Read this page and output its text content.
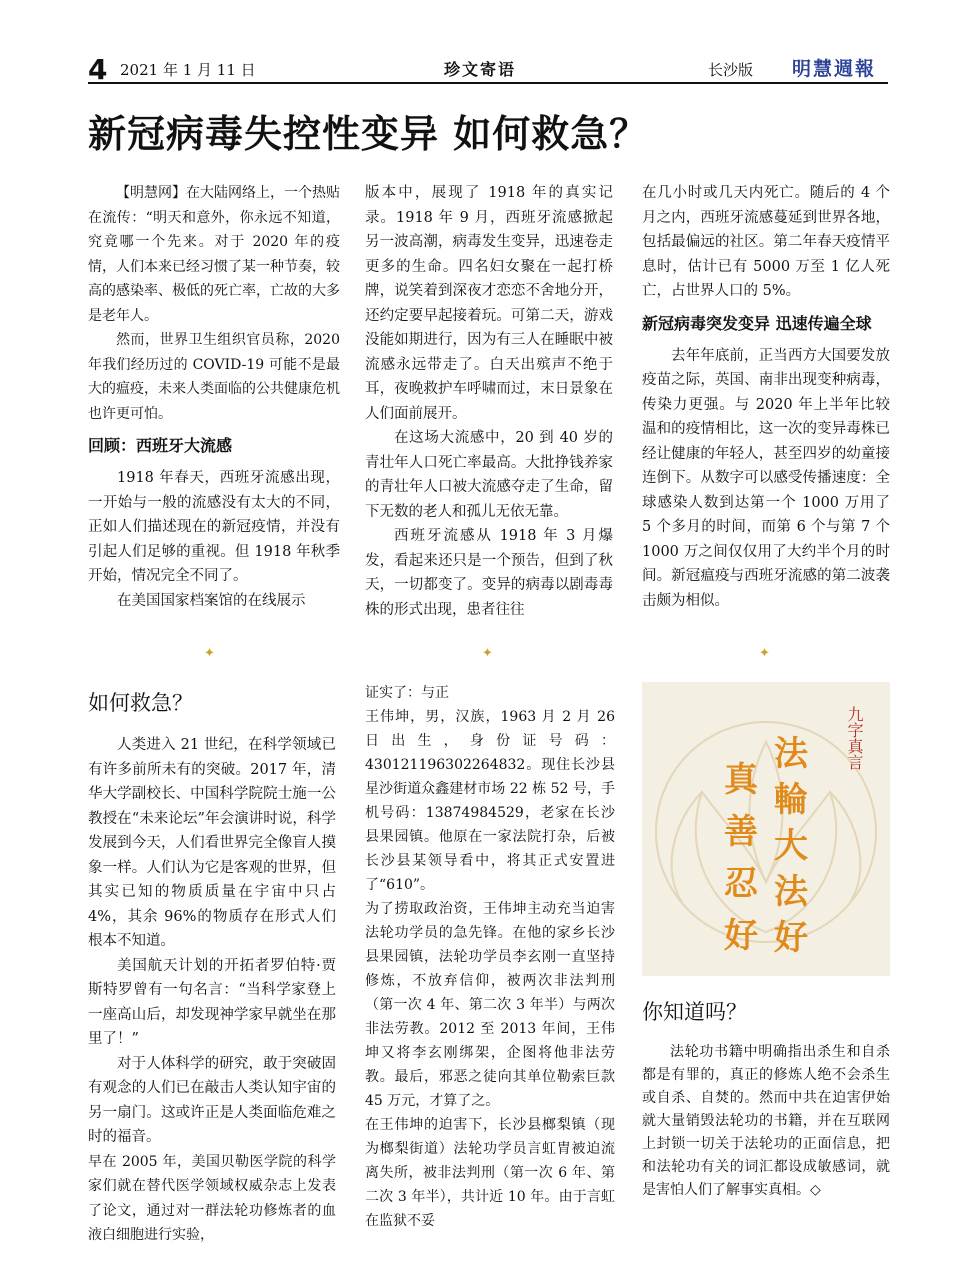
4 2021 年 1 月 11 日	珍文寄语	长沙版 明慧週報
新冠病毒失控性变异 如何救急？

【明慧网】在大陆网络上，一个热贴在流传：“明天和意外，你永远不知道，究竟哪一个先来。对于 2020 年的疫情，人们本来已经习惯了某一种节奏，较高的感染率、极低的死亡率，亡故的大多是老年人。

然而，世界卫生组织官员称，2020 年我们经历过的 COVID-19 可能不是最大的瘟疫，未来人类面临的公共健康危机也许更可怕。

回顾：西班牙大流感

1918 年春天，西班牙流感出现，一开始与一般的流感没有太大的不同，正如人们描述现在的新冠疫情，并没有引起人们足够的重视。但 1918 年秋季开始，情况完全不同了。

在美国国家档案馆的在线展示

版本中，展现了 1918 年的真实记录。1918 年 9 月，西班牙流感掀起另一波高潮，病毒发生变异，迅速卷走更多的生命。四名妇女聚在一起打桥牌，说笑着到深夜才恋恋不舍地分开，还约定要早起接着玩。可第二天，游戏没能如期进行，因为有三人在睡眠中被流感永远带走了。白天出殡声不绝于耳，夜晚救护车呼啸而过，末日景象在人们面前展开。

在这场大流感中，20 到 40 岁的青壮年人口死亡率最高。大批挣钱养家的青壮年人口被大流感夺走了生命，留下无数的老人和孤儿无依无靠。

西班牙流感从 1918 年 3 月爆发，看起来还只是一个预告，但到了秋天，一切都变了。变异的病毒以剧毒毒株的形式出现，患者往往

在几小时或几天内死亡。随后的 4 个月之内，西班牙流感蔓延到世界各地，包括最偏远的社区。第二年春天疫情平息时，估计已有 5000 万至 1 亿人死亡，占世界人口的 5%。

新冠病毒突发变异 迅速传遍全球

去年年底前，正当西方大国要发放疫苗之际，英国、南非出现变种病毒，传染力更强。与 2020 年上半年比较温和的疫情相比，这一次的变异毒株已经让健康的年轻人，甚至四岁的幼童接连倒下。从数字可以感受传播速度：全球感染人数到达第一个 1000 万用了 5 个多月的时间，而第 6 个与第 7 个 1000 万之间仅仅用了大约半个月的时间。新冠瘟疫与西班牙流感的第二波袭击颇为相似。

✦	✦	✦
如何救急？

人类进入 21 世纪，在科学领域已有许多前所未有的突破。2017 年，清华大学副校长、中国科学院院士施一公教授在“未来论坛”年会演讲时说，科学发展到今天，人们看世界完全像盲人摸象一样。人们认为它是客观的世界，但其实已知的物质质量在宇宙中只占 4%，其余 96%的物质存在形式人们根本不知道。

美国航天计划的开拓者罗伯特·贾斯特罗曾有一句名言：“当科学家登上一座高山后，却发现神学家早就坐在那里了！”

对于人体科学的研究，敢于突破固有观念的人们已在敲击人类认知宇宙的另一扇门。这或许正是人类面临危难之时的福音。

早在 2005 年，美国贝勒医学院的科学家们就在替代医学领域权威杂志上发表了论文，通过对一群法轮功修炼者的血液白细胞进行实验，

证实了：与正

王伟坤，男，汉族，1963 月 2 月 26 日出生，身份证号码：430121196302264832。现住长沙县星沙街道众鑫建材市场 22 栋 52 号，手机号码：13874984529，老家在长沙县果园镇。他原在一家法院打杂，后被长沙县某领导看中，将其正式安置进了“610”。

为了捞取政治资，王伟坤主动充当迫害法轮功学员的急先锋。在他的家乡长沙县果园镇，法轮功学员李玄刚一直坚持修炼，不放弃信仰，被两次非法判刑（第一次 4 年、第二次 3 年半）与两次非法劳教。2012 至 2013 年间，王伟坤又将李玄刚绑架，企图将他非法劳教。最后，邪恶之徒向其单位勒索巨款 45 万元，才算了之。

在王伟坤的迫害下，长沙县榔梨镇（现为榔梨街道）法轮功学员言虹胄被迫流离失所，被非法判刑（第一次 6 年、第二次 3 年半），共计近 10 年。由于言虹在监狱不妥

九字真言
法
輪
大
法
好
真
善
忍
好
你知道吗？

法轮功书籍中明确指出杀生和自杀都是有罪的，真正的修炼人绝不会杀生或自杀、自焚的。然而中共在迫害伊始就大量销毁法轮功的书籍，并在互联网上封锁一切关于法轮功的正面信息，把和法轮功有关的词汇都设成敏感词，就是害怕人们了解事实真相。◇
